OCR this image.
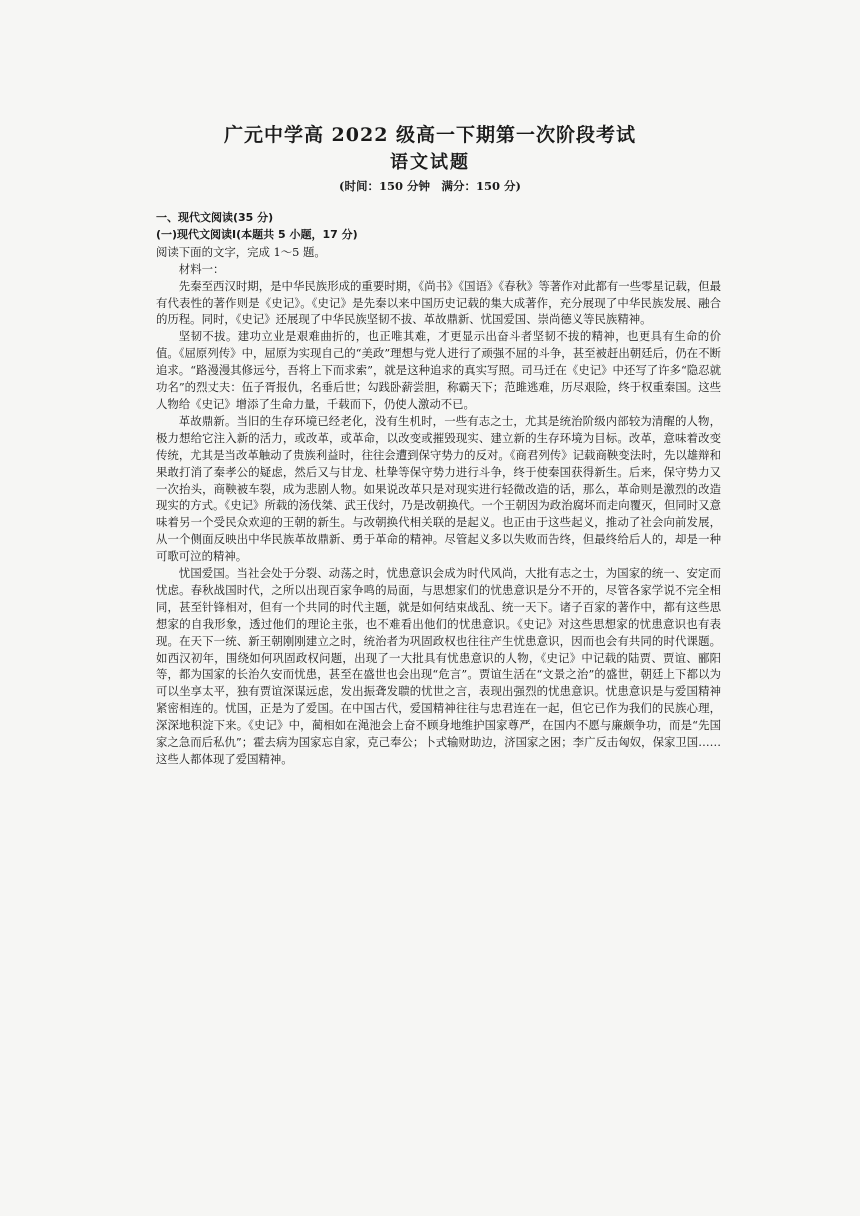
广元中学高 2022 级高一下期第一次阶段考试
语文试题
(时间：150 分钟　满分：150 分)
一、现代文阅读(35 分)
(一)现代文阅读Ⅰ(本题共 5 小题，17 分)
阅读下面的文字，完成 1～5 题。
材料一：

先秦至西汉时期，是中华民族形成的重要时期，《尚书》《国语》《春秋》等著作对此都有一些零星记载，但最有代表性的著作则是《史记》。《史记》是先秦以来中国历史记载的集大成著作，充分展现了中华民族发展、融合的历程。同时，《史记》还展现了中华民族坚韧不拔、革故鼎新、忧国爱国、崇尚德义等民族精神。

坚韧不拔。建功立业是艰难曲折的，也正唯其难，才更显示出奋斗者坚韧不拔的精神，也更具有生命的价值。《屈原列传》中，屈原为实现自己的“美政”理想与党人进行了顽强不屈的斗争，甚至被赶出朝廷后，仍在不断追求。“路漫漫其修远兮，吾将上下而求索”，就是这种追求的真实写照。司马迁在《史记》中还写了许多“隐忍就功名”的烈丈夫：伍子胥报仇，名垂后世；勾践卧薪尝胆，称霸天下；范雎逃难，历尽艰险，终于权重秦国。这些人物给《史记》增添了生命力量，千载而下，仍使人激动不已。

革故鼎新。当旧的生存环境已经老化，没有生机时，一些有志之士，尤其是统治阶级内部较为清醒的人物，极力想给它注入新的活力，或改革，或革命，以改变或摧毁现实、建立新的生存环境为目标。改革，意味着改变传统，尤其是当改革触动了贵族利益时，往往会遭到保守势力的反对。《商君列传》记载商鞅变法时，先以雄辩和果敢打消了秦孝公的疑虑，然后又与甘龙、杜挚等保守势力进行斗争，终于使秦国获得新生。后来，保守势力又一次抬头，商鞅被车裂，成为悲剧人物。如果说改革只是对现实进行轻微改造的话，那么，革命则是激烈的改造现实的方式。《史记》所载的汤伐桀、武王伐纣，乃是改朝换代。一个王朝因为政治腐坏而走向覆灭，但同时又意味着另一个受民众欢迎的王朝的新生。与改朝换代相关联的是起义。也正由于这些起义，推动了社会向前发展，从一个侧面反映出中华民族革故鼎新、勇于革命的精神。尽管起义多以失败而告终，但最终给后人的，却是一种可歌可泣的精神。

忧国爱国。当社会处于分裂、动荡之时，忧患意识会成为时代风尚，大批有志之士，为国家的统一、安定而忧虑。春秋战国时代，之所以出现百家争鸣的局面，与思想家们的忧患意识是分不开的，尽管各家学说不完全相同，甚至针锋相对，但有一个共同的时代主题，就是如何结束战乱、统一天下。诸子百家的著作中，都有这些思想家的自我形象，透过他们的理论主张，也不难看出他们的忧患意识。《史记》对这些思想家的忧患意识也有表现。在天下一统、新王朝刚刚建立之时，统治者为巩固政权也往往产生忧患意识，因而也会有共同的时代课题。如西汉初年，围绕如何巩固政权问题，出现了一大批具有忧患意识的人物，《史记》中记载的陆贾、贾谊、郦阳等，都为国家的长治久安而忧患，甚至在盛世也会出现“危言”。贾谊生活在“文景之治”的盛世，朝廷上下都以为可以坐享太平，独有贾谊深谋远虑，发出振聋发聩的忧世之言，表现出强烈的忧患意识。忧患意识是与爱国精神紧密相连的。忧国，正是为了爱国。在中国古代，爱国精神往往与忠君连在一起，但它已作为我们的民族心理，深深地积淀下来。《史记》中，蔺相如在渑池会上奋不顾身地维护国家尊严，在国内不愿与廉颇争功，而是“先国家之急而后私仇”；霍去病为国家忘自家，克己奉公；卜式输财助边，济国家之困；李广反击匈奴，保家卫国……这些人都体现了爱国精神。
